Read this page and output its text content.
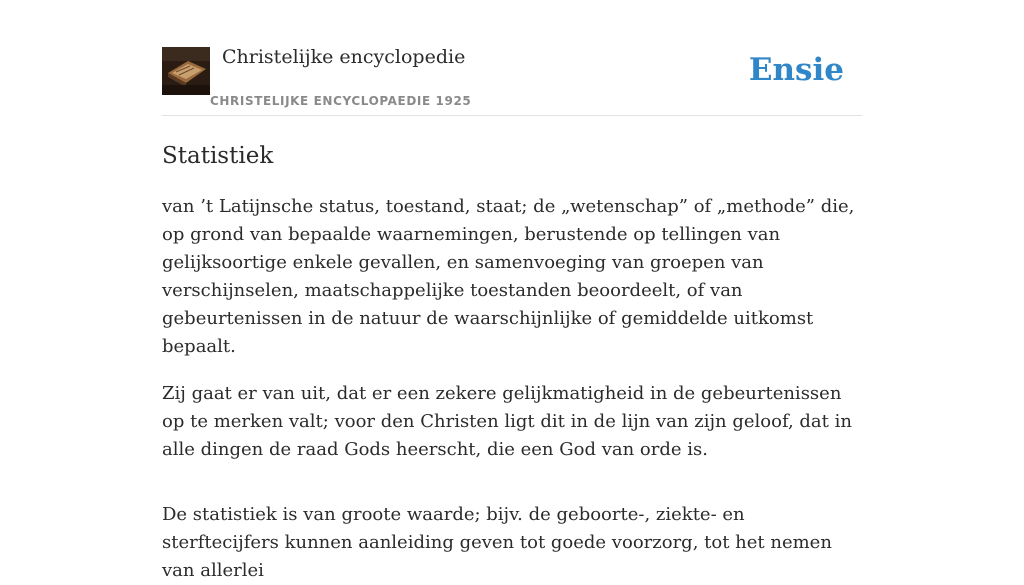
Christelijke encyclopedie
CHRISTELIJKE ENCYCLOPAEDIE 1925
Ensie
Statistiek

van ’t Latijnsche status, toestand, staat; de „wetenschap” of „methode” die, op grond van bepaalde waarnemingen, berustende op tellingen van gelijksoortige enkele gevallen, en samenvoeging van groepen van verschijnselen, maatschappelijke toestanden beoordeelt, of van gebeurtenissen in de natuur de waarschijnlijke of gemiddelde uitkomst bepaalt.

Zij gaat er van uit, dat er een zekere gelijkmatigheid in de gebeurtenissen op te merken valt; voor den Christen ligt dit in de lijn van zijn geloof, dat in alle dingen de raad Gods heerscht, die een God van orde is.

De statistiek is van groote waarde; bijv. de geboorte-, ziekte- en sterftecijfers kunnen aanleiding geven tot goede voorzorg, tot het nemen van allerlei
